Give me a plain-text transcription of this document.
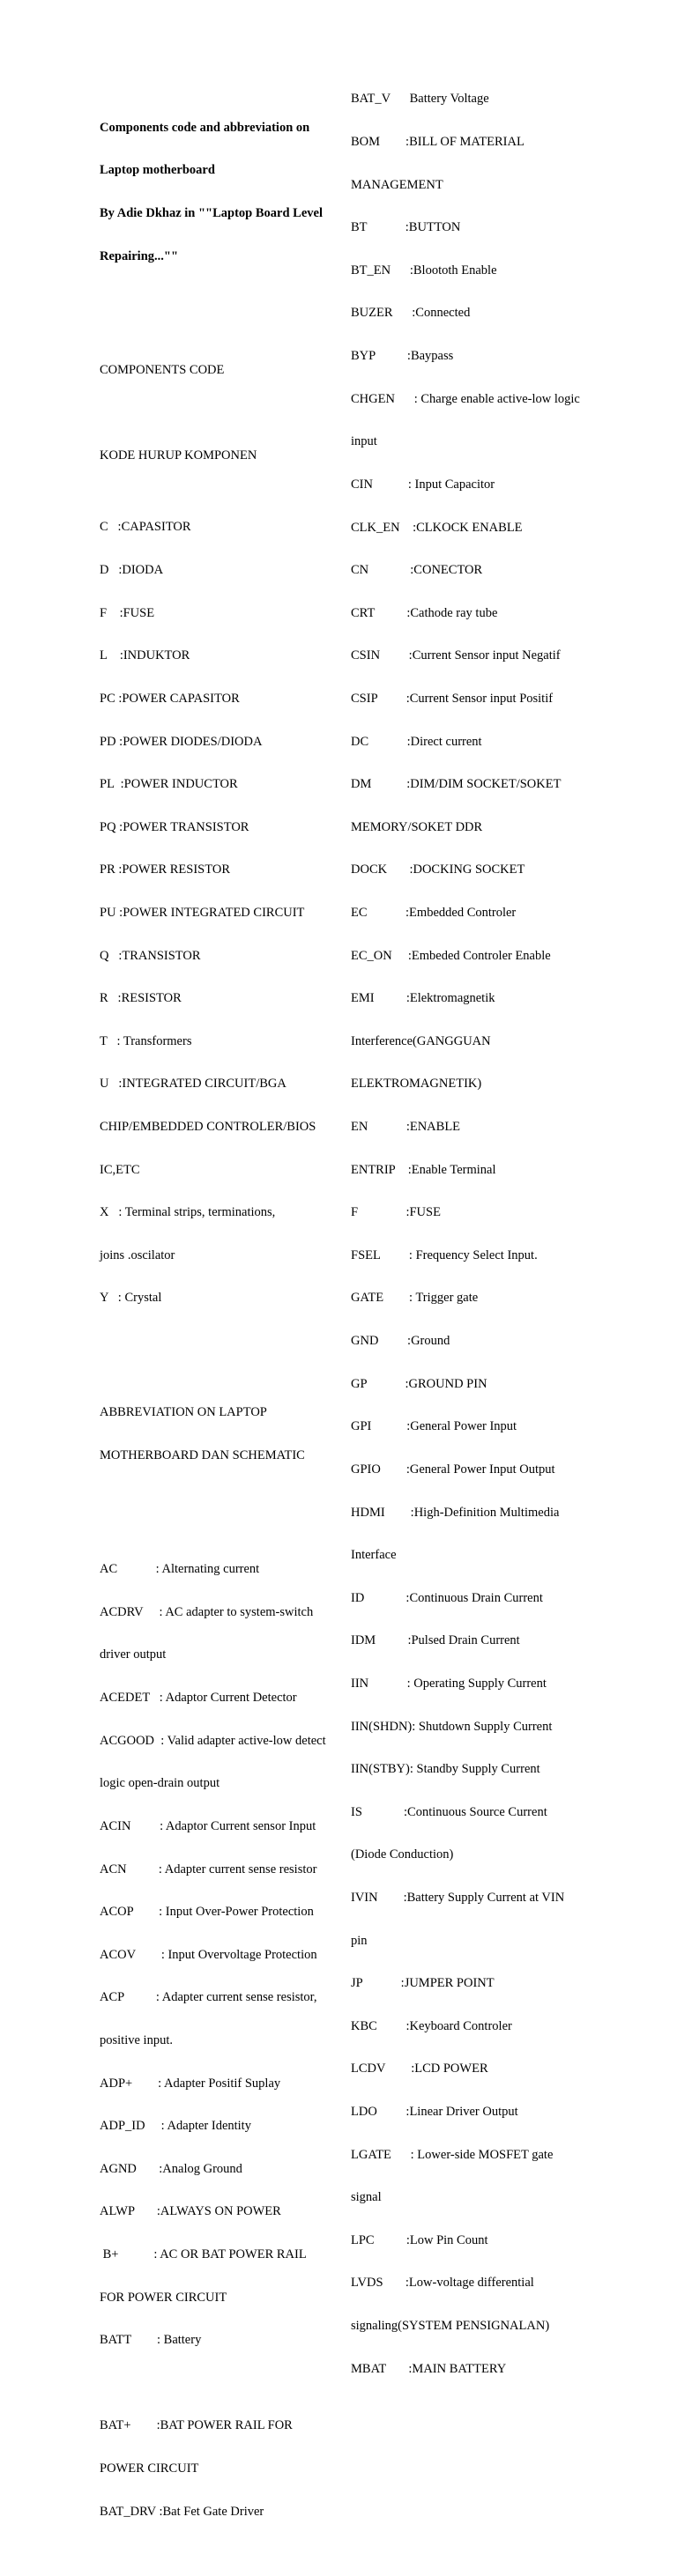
Components code and abbreviation on

Laptop motherboard

By Adie Dkhaz in ""Laptop Board Level

Repairing...""

COMPONENTS CODE

KODE HURUP KOMPONEN

C   :CAPASITOR

D   :DIODA

F    :FUSE

L    :INDUKTOR

PC :POWER CAPASITOR

PD :POWER DIODES/DIODA

PL  :POWER INDUCTOR

PQ :POWER TRANSISTOR

PR :POWER RESISTOR

PU :POWER INTEGRATED CIRCUIT

Q   :TRANSISTOR

R   :RESISTOR

T   : Transformers

U   :INTEGRATED CIRCUIT/BGA

CHIP/EMBEDDED CONTROLER/BIOS

IC,ETC

X   : Terminal strips, terminations,

joins .oscilator

Y   : Crystal

ABBREVIATION ON LAPTOP

MOTHERBOARD DAN SCHEMATIC

AC            : Alternating current

ACDRV     : AC adapter to system-switch

driver output

ACEDET   : Adaptor Current Detector

ACGOOD  : Valid adapter active-low detect

logic open-drain output

ACIN         : Adaptor Current sensor Input

ACN          : Adapter current sense resistor

ACOP        : Input Over-Power Protection

ACOV        : Input Overvoltage Protection

ACP          : Adapter current sense resistor,

positive input.

ADP+        : Adapter Positif Suplay

ADP_ID     : Adapter Identity

AGND       :Analog Ground

ALWP       :ALWAYS ON POWER

B+           : AC OR BAT POWER RAIL

FOR POWER CIRCUIT

BATT        : Battery

BAT+        :BAT POWER RAIL FOR

POWER CIRCUIT

BAT_DRV :Bat Fet Gate Driver

BAT_V      Battery Voltage

BOM        :BILL OF MATERIAL

MANAGEMENT

BT            :BUTTON

BT_EN      :Bloototh Enable

BUZER      :Connected

BYP          :Baypass

CHGEN      : Charge enable active-low logic

input

CIN           : Input Capacitor

CLK_EN    :CLKOCK ENABLE

CN             :CONECTOR

CRT          :Cathode ray tube

CSIN         :Current Sensor input Negatif

CSIP         :Current Sensor input Positif

DC            :Direct current

DM           :DIM/DIM SOCKET/SOKET

MEMORY/SOKET DDR

DOCK       :DOCKING SOCKET

EC            :Embedded Controler

EC_ON     :Embeded Controler Enable

EMI          :Elektromagnetik

Interference(GANGGUAN

ELEKTROMAGNETIK)

EN            :ENABLE

ENTRIP    :Enable Terminal

F               :FUSE

FSEL         : Frequency Select Input.

GATE        : Trigger gate

GND         :Ground

GP            :GROUND PIN

GPI           :General Power Input

GPIO        :General Power Input Output

HDMI        :High-Definition Multimedia

Interface

ID             :Continuous Drain Current

IDM          :Pulsed Drain Current

IIN            : Operating Supply Current

IIN(SHDN): Shutdown Supply Current

IIN(STBY): Standby Supply Current

IS             :Continuous Source Current

(Diode Conduction)

IVIN        :Battery Supply Current at VIN

pin

JP            :JUMPER POINT

KBC         :Keyboard Controler

LCDV        :LCD POWER

LDO         :Linear Driver Output

LGATE      : Lower-side MOSFET gate

signal

LPC          :Low Pin Count

LVDS       :Low-voltage differential

signaling(SYSTEM PENSIGNALAN)

MBAT       :MAIN BATTERY
